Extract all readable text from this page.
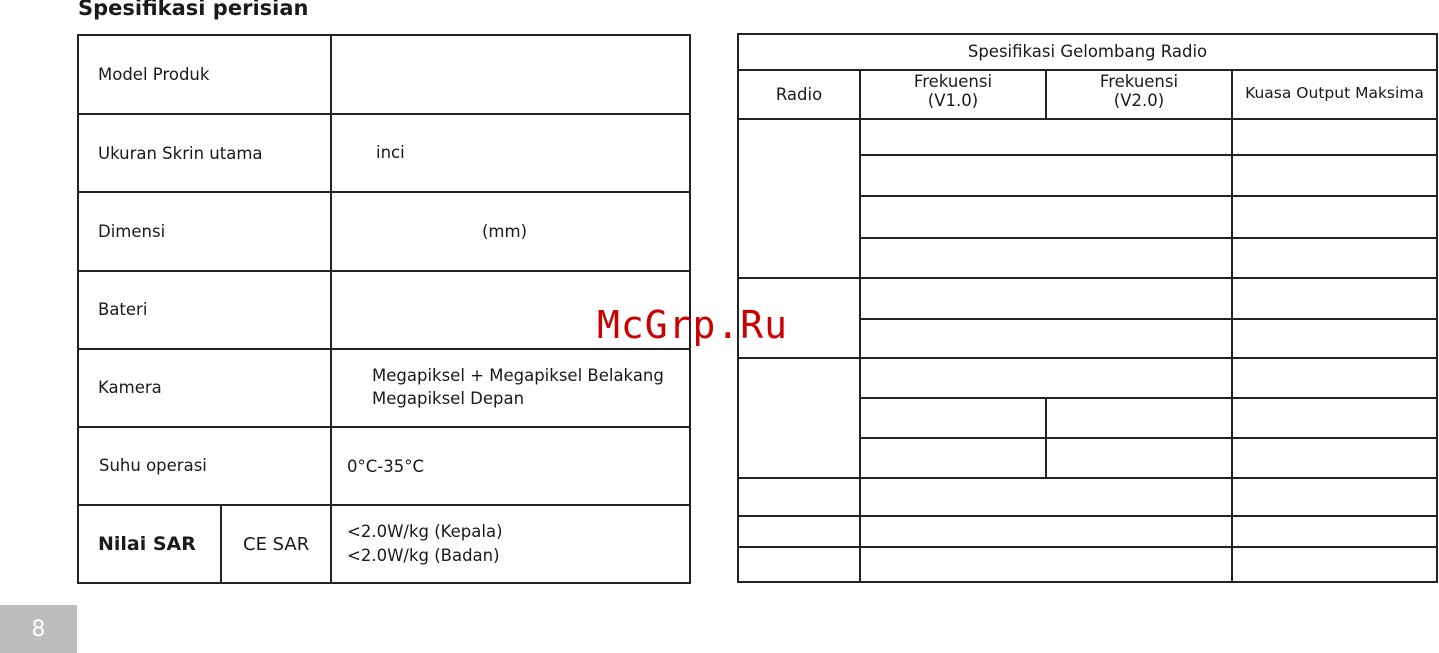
Spesifikasi perisian
Model Produk
Ukuran Skrin utama
Dimensi
Bateri
Kamera
Suhu operasi
inci
(mm)
Megapiksel + Megapiksel Belakang
Megapiksel Depan
0°C-35°C
Nilai SAR	CE SAR
<2.0W/kg (Kepala)
<2.0W/kg (Badan)
Spesifikasi Gelombang Radio
Radio
Frekuensi
(V1.0)
Frekuensi
(V2.0)	Kuasa Output Maksima
McGrp.Ru
8
